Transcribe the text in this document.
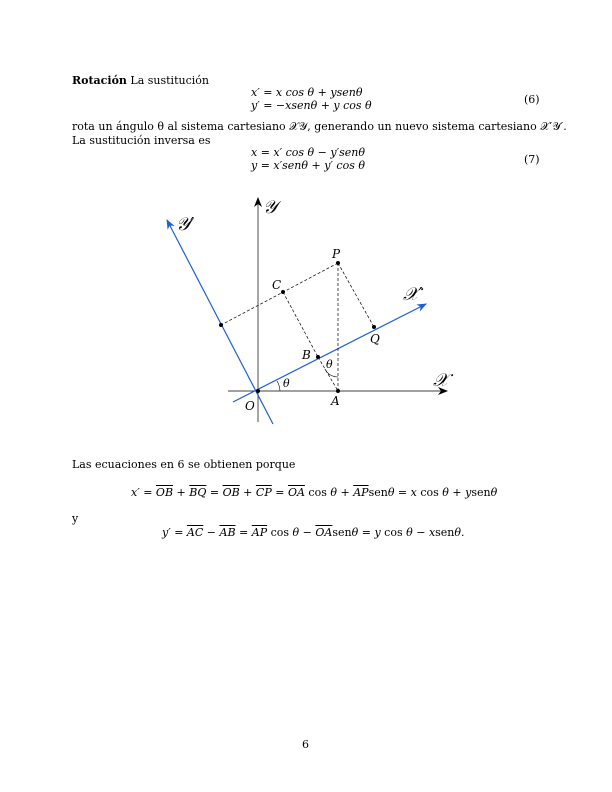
Rotación La sustitución
x′ = x cos θ + ysenθ
y′ = −xsenθ + y cos θ	(6)
rota un ángulo θ al sistema cartesiano 𝒳𝒴, generando un nuevo sistema cartesiano 𝒳′𝒴′.
La sustitución inversa es
x = x′ cos θ − y′senθ
y = x′senθ + y′ cos θ	(7)
𝒴
𝒴′
𝒳
𝒳′
P
C
Q
B
A
O
θ
θ
Las ecuaciones en 6 se obtienen porque
$x' = \overline{OB} + \overline{BQ} = \overline{OB} + \overline{CP} = \overline{OA}$ $\cos \theta + \overline{AP}sen\theta = x$ cos θ + ysenθ
y
$y' = \overline{AC} - \overline{AB} = \overline{AP}$ $\cos \theta - \overline{OA}sen\theta = y$ cos θ − xsenθ.
6
